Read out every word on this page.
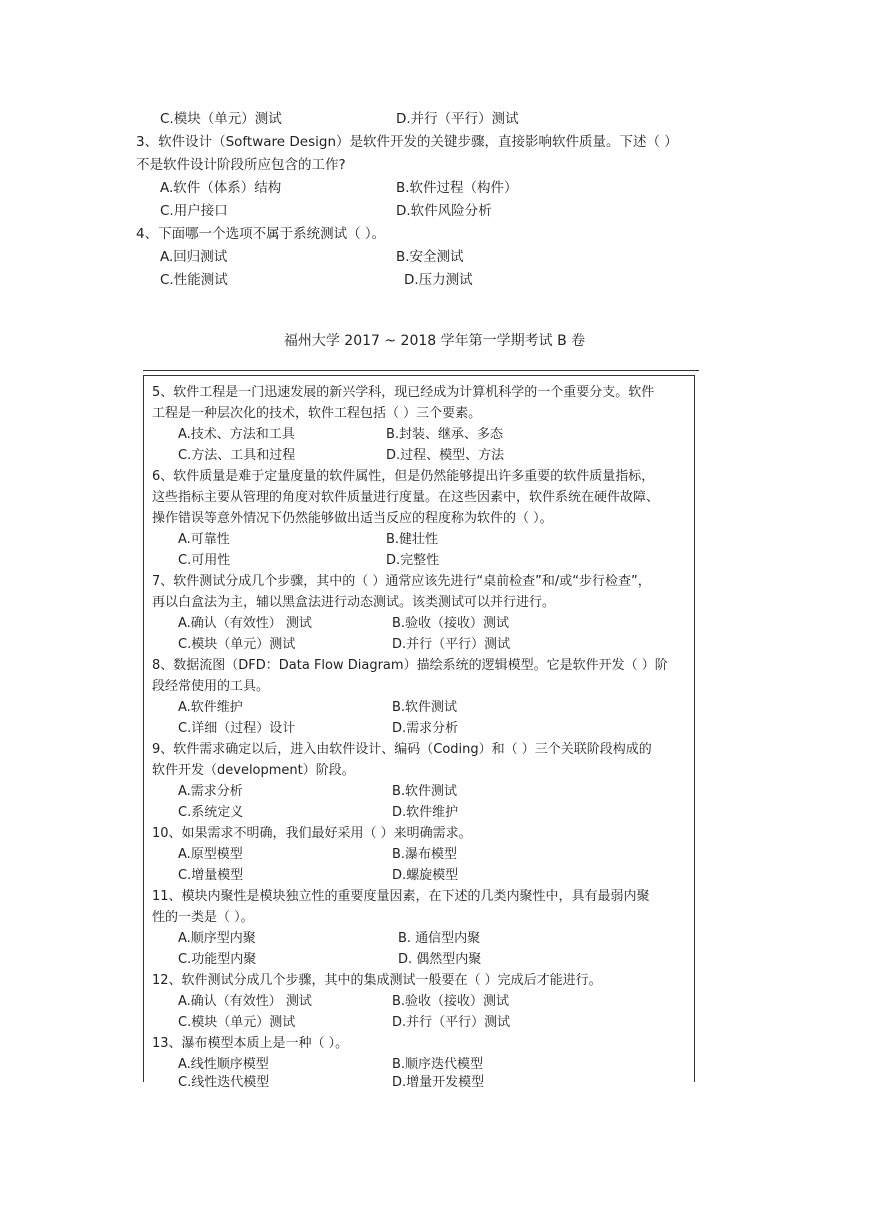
C.模块（单元）测试	D.并行（平行）测试
3、软件设计（Software Design）是软件开发的关键步骤，直接影响软件质量。下述（ ）
不是软件设计阶段所应包含的工作?
A.软件（体系）结构	B.软件过程（构件）
C.用户接口	D.软件风险分析
4、下面哪一个选项不属于系统测试（ ）。
A.回归测试	B.安全测试
C.性能测试	D.压力测试
福州大学 2017 ~ 2018 学年第一学期考试 B 卷
5、软件工程是一门迅速发展的新兴学科，现已经成为计算机科学的一个重要分支。软件
工程是一种层次化的技术，软件工程包括（ ）三个要素。
A.技术、方法和工具	B.封装、继承、多态
C.方法、工具和过程	D.过程、模型、方法
6、软件质量是难于定量度量的软件属性，但是仍然能够提出许多重要的软件质量指标，
这些指标主要从管理的角度对软件质量进行度量。在这些因素中，软件系统在硬件故障、
操作错误等意外情况下仍然能够做出适当反应的程度称为软件的（ ）。
A.可靠性	B.健壮性
C.可用性	D.完整性
7、软件测试分成几个步骤，其中的（ ）通常应该先进行“桌前检查”和/或“步行检查”，
再以白盒法为主，辅以黑盒法进行动态测试。该类测试可以并行进行。
A.确认（有效性） 测试	B.验收（接收）测试
C.模块（单元）测试	D.并行（平行）测试
8、数据流图（DFD：Data Flow Diagram）描绘系统的逻辑模型。它是软件开发（ ）阶
段经常使用的工具。
A.软件维护	B.软件测试
C.详细（过程）设计	D.需求分析
9、软件需求确定以后，进入由软件设计、编码（Coding）和（ ）三个关联阶段构成的
软件开发（development）阶段。
A.需求分析	B.软件测试
C.系统定义	D.软件维护
10、如果需求不明确，我们最好采用（ ）来明确需求。
A.原型模型	B.瀑布模型
C.增量模型	D.螺旋模型
11、模块内聚性是模块独立性的重要度量因素，在下述的几类内聚性中，具有最弱内聚
性的一类是（ ）。
A.顺序型内聚	B. 通信型内聚
C.功能型内聚	D. 偶然型内聚
12、软件测试分成几个步骤，其中的集成测试一般要在（ ）完成后才能进行。
A.确认（有效性） 测试	B.验收（接收）测试
C.模块（单元）测试	D.并行（平行）测试
13、瀑布模型本质上是一种（ ）。
A.线性顺序模型	B.顺序迭代模型
C.线性迭代模型	D.增量开发模型
